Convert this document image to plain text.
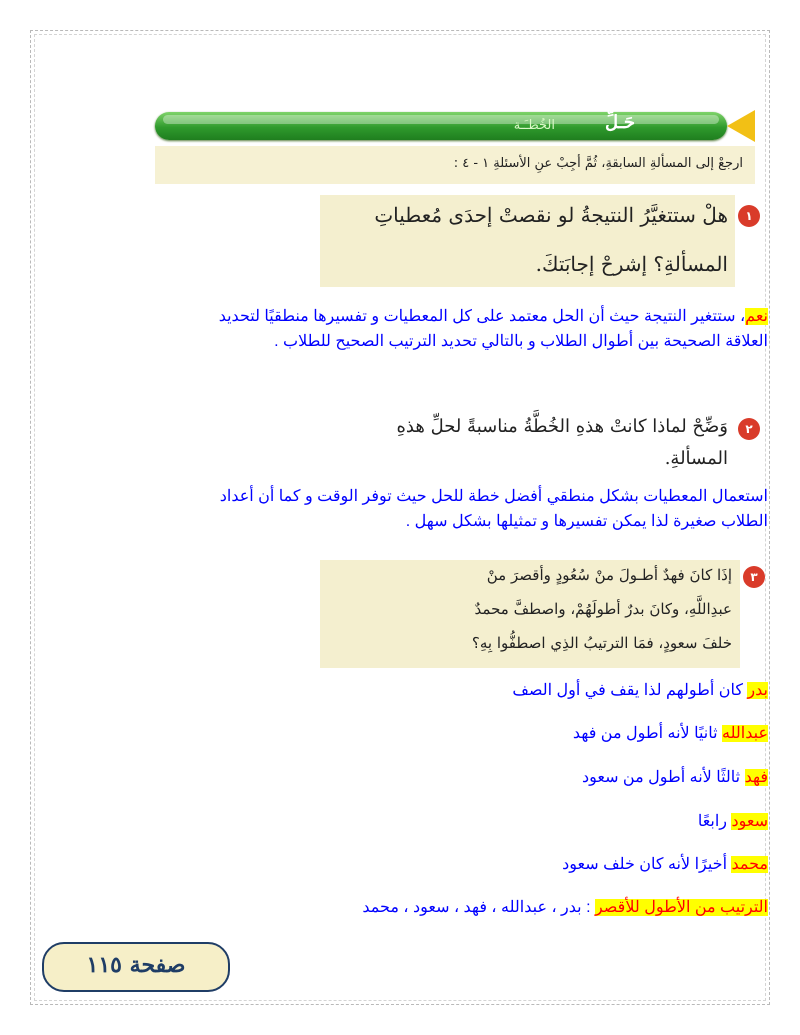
حَـلِّ
الخُطـَـة
ارجعْ إلى المسألةِ السابقةِ، ثُمَّ أجِبْ عنِ الأسئلةِ ١ - ٤ :
١
هلْ ستتغيَّرُ النتيجةُ لو نقصتْ إحدَى مُعطياتِ
المسألةِ؟ إشرحْ إجابَتكَ.
نعم، ستتغير النتيجة حيث أن الحل معتمد على كل المعطيات و تفسيرها منطقيًا لتحديد
العلاقة الصحيحة بين أطوال الطلاب و بالتالي تحديد الترتيب الصحيح للطلاب .
٢
وَضِّحْ لماذا كانتْ هذهِ الخُطَّةُ مناسبةً لحلِّ هذهِ
المسألةِ.
استعمال المعطيات بشكل منطقي أفضل خطة للحل حيث توفر الوقت و كما أن أعداد
الطلاب صغيرة لذا يمكن تفسيرها و تمثيلها بشكل سهل .
٣
إذَا كانَ فهدٌ أطـولَ منْ سُعُودٍ وأقصرَ منْ
عبدِاللَّهِ، وكانَ بدرٌ أطولَهُمْ، واصطفَّ محمدٌ
خلفَ سعودٍ، فمَا الترتيبُ الذِي اصطفُّوا بِهِ؟
بدر كان أطولهم لذا يقف في أول الصف
عبدالله ثانيًا لأنه أطول من فهد
فهد ثالثًا لأنه أطول من سعود
سعود رابعًا
محمد أخيرًا لأنه كان خلف سعود
الترتيب من الأطول للأقصر : بدر ، عبدالله ، فهد ، سعود ، محمد
صفحة ١١٥
